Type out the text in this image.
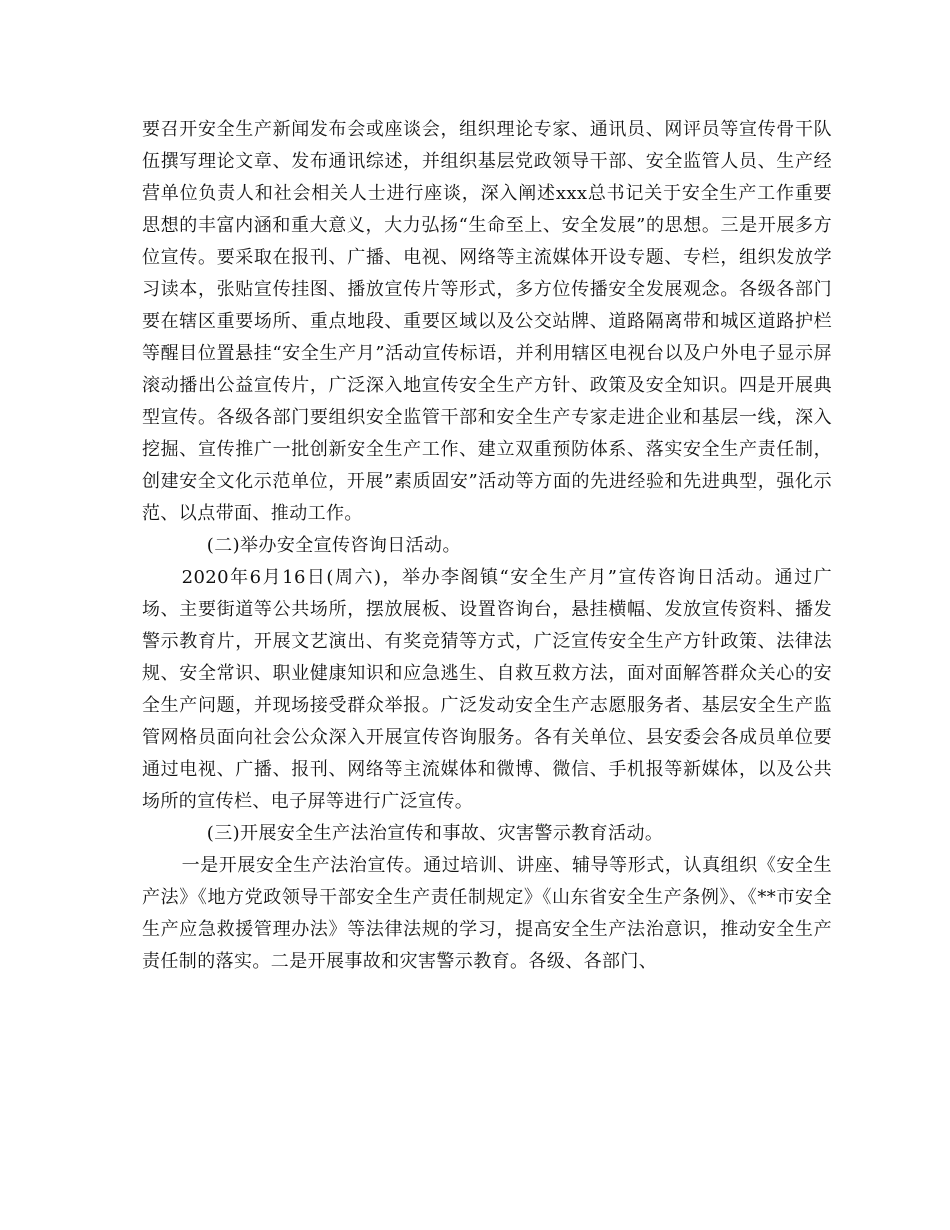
要召开安全生产新闻发布会或座谈会，组织理论专家、通讯员、网评员等宣传骨干队伍撰写理论文章、发布通讯综述，并组织基层党政领导干部、安全监管人员、生产经营单位负责人和社会相关人士进行座谈，深入阐述xxx总书记关于安全生产工作重要思想的丰富内涵和重大意义，大力弘扬“生命至上、安全发展”的思想。三是开展多方位宣传。要采取在报刊、广播、电视、网络等主流媒体开设专题、专栏，组织发放学习读本，张贴宣传挂图、播放宣传片等形式，多方位传播安全发展观念。各级各部门要在辖区重要场所、重点地段、重要区域以及公交站牌、道路隔离带和城区道路护栏等醒目位置悬挂“安全生产月”活动宣传标语，并利用辖区电视台以及户外电子显示屏滚动播出公益宣传片，广泛深入地宣传安全生产方针、政策及安全知识。四是开展典型宣传。各级各部门要组织安全监管干部和安全生产专家走进企业和基层一线，深入挖掘、宣传推广一批创新安全生产工作、建立双重预防体系、落实安全生产责任制，创建安全文化示范单位，开展”素质固安”活动等方面的先进经验和先进典型，强化示范、以点带面、推动工作。

(二)举办安全宣传咨询日活动。

2020年6月16日(周六)，举办李阁镇“安全生产月”宣传咨询日活动。通过广场、主要街道等公共场所，摆放展板、设置咨询台，悬挂横幅、发放宣传资料、播发警示教育片，开展文艺演出、有奖竞猜等方式，广泛宣传安全生产方针政策、法律法规、安全常识、职业健康知识和应急逃生、自救互救方法，面对面解答群众关心的安全生产问题，并现场接受群众举报。广泛发动安全生产志愿服务者、基层安全生产监管网格员面向社会公众深入开展宣传咨询服务。各有关单位、县安委会各成员单位要通过电视、广播、报刊、网络等主流媒体和微博、微信、手机报等新媒体，以及公共场所的宣传栏、电子屏等进行广泛宣传。

(三)开展安全生产法治宣传和事故、灾害警示教育活动。

一是开展安全生产法治宣传。通过培训、讲座、辅导等形式，认真组织《安全生产法》《地方党政领导干部安全生产责任制规定》《山东省安全生产条例》、《**市安全生产应急救援管理办法》等法律法规的学习，提高安全生产法治意识，推动安全生产责任制的落实。二是开展事故和灾害警示教育。各级、各部门、
